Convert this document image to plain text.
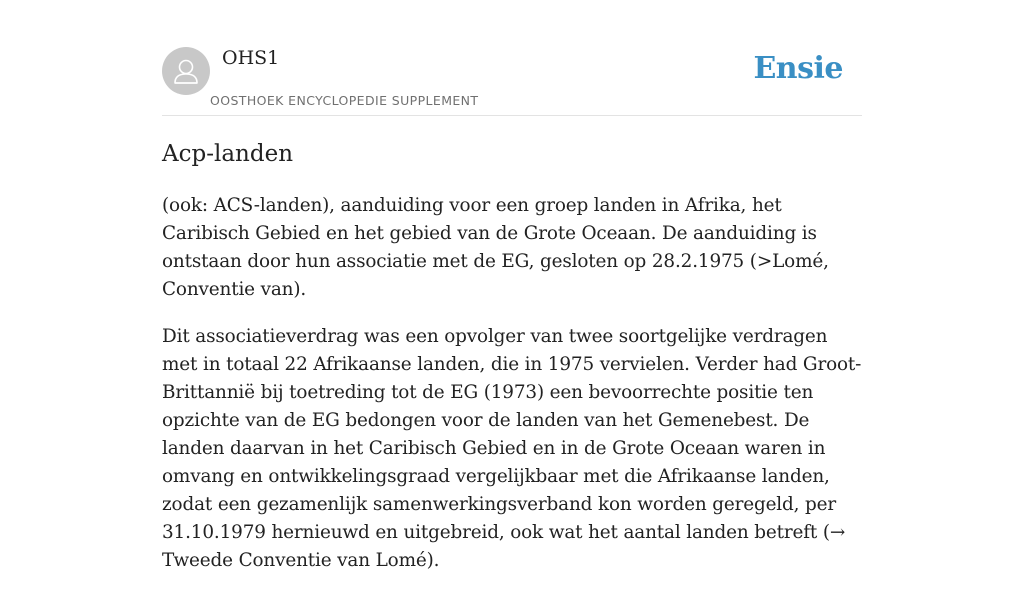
OHS1
OOSTHOEK ENCYCLOPEDIE SUPPLEMENT
Ensie
Acp-landen

(ook: ACS-landen), aanduiding voor een groep landen in Afrika, het Caribisch Gebied en het gebied van de Grote Oceaan. De aanduiding is ontstaan door hun associatie met de EG, gesloten op 28.2.1975 (>Lomé, Conventie van).

Dit associatieverdrag was een opvolger van twee soortgelijke verdragen met in totaal 22 Afrikaanse landen, die in 1975 vervielen. Verder had Groot-Brittannië bij toetreding tot de EG (1973) een bevoorrechte positie ten opzichte van de EG bedongen voor de landen van het Gemenebest. De landen daarvan in het Caribisch Gebied en in de Grote Oceaan waren in omvang en ontwikkelingsgraad vergelijkbaar met die Afrikaanse landen, zodat een gezamenlijk samenwerkingsverband kon worden geregeld, per 31.10.1979 hernieuwd en uitgebreid, ook wat het aantal landen betreft (→ Tweede Conventie van Lomé).
